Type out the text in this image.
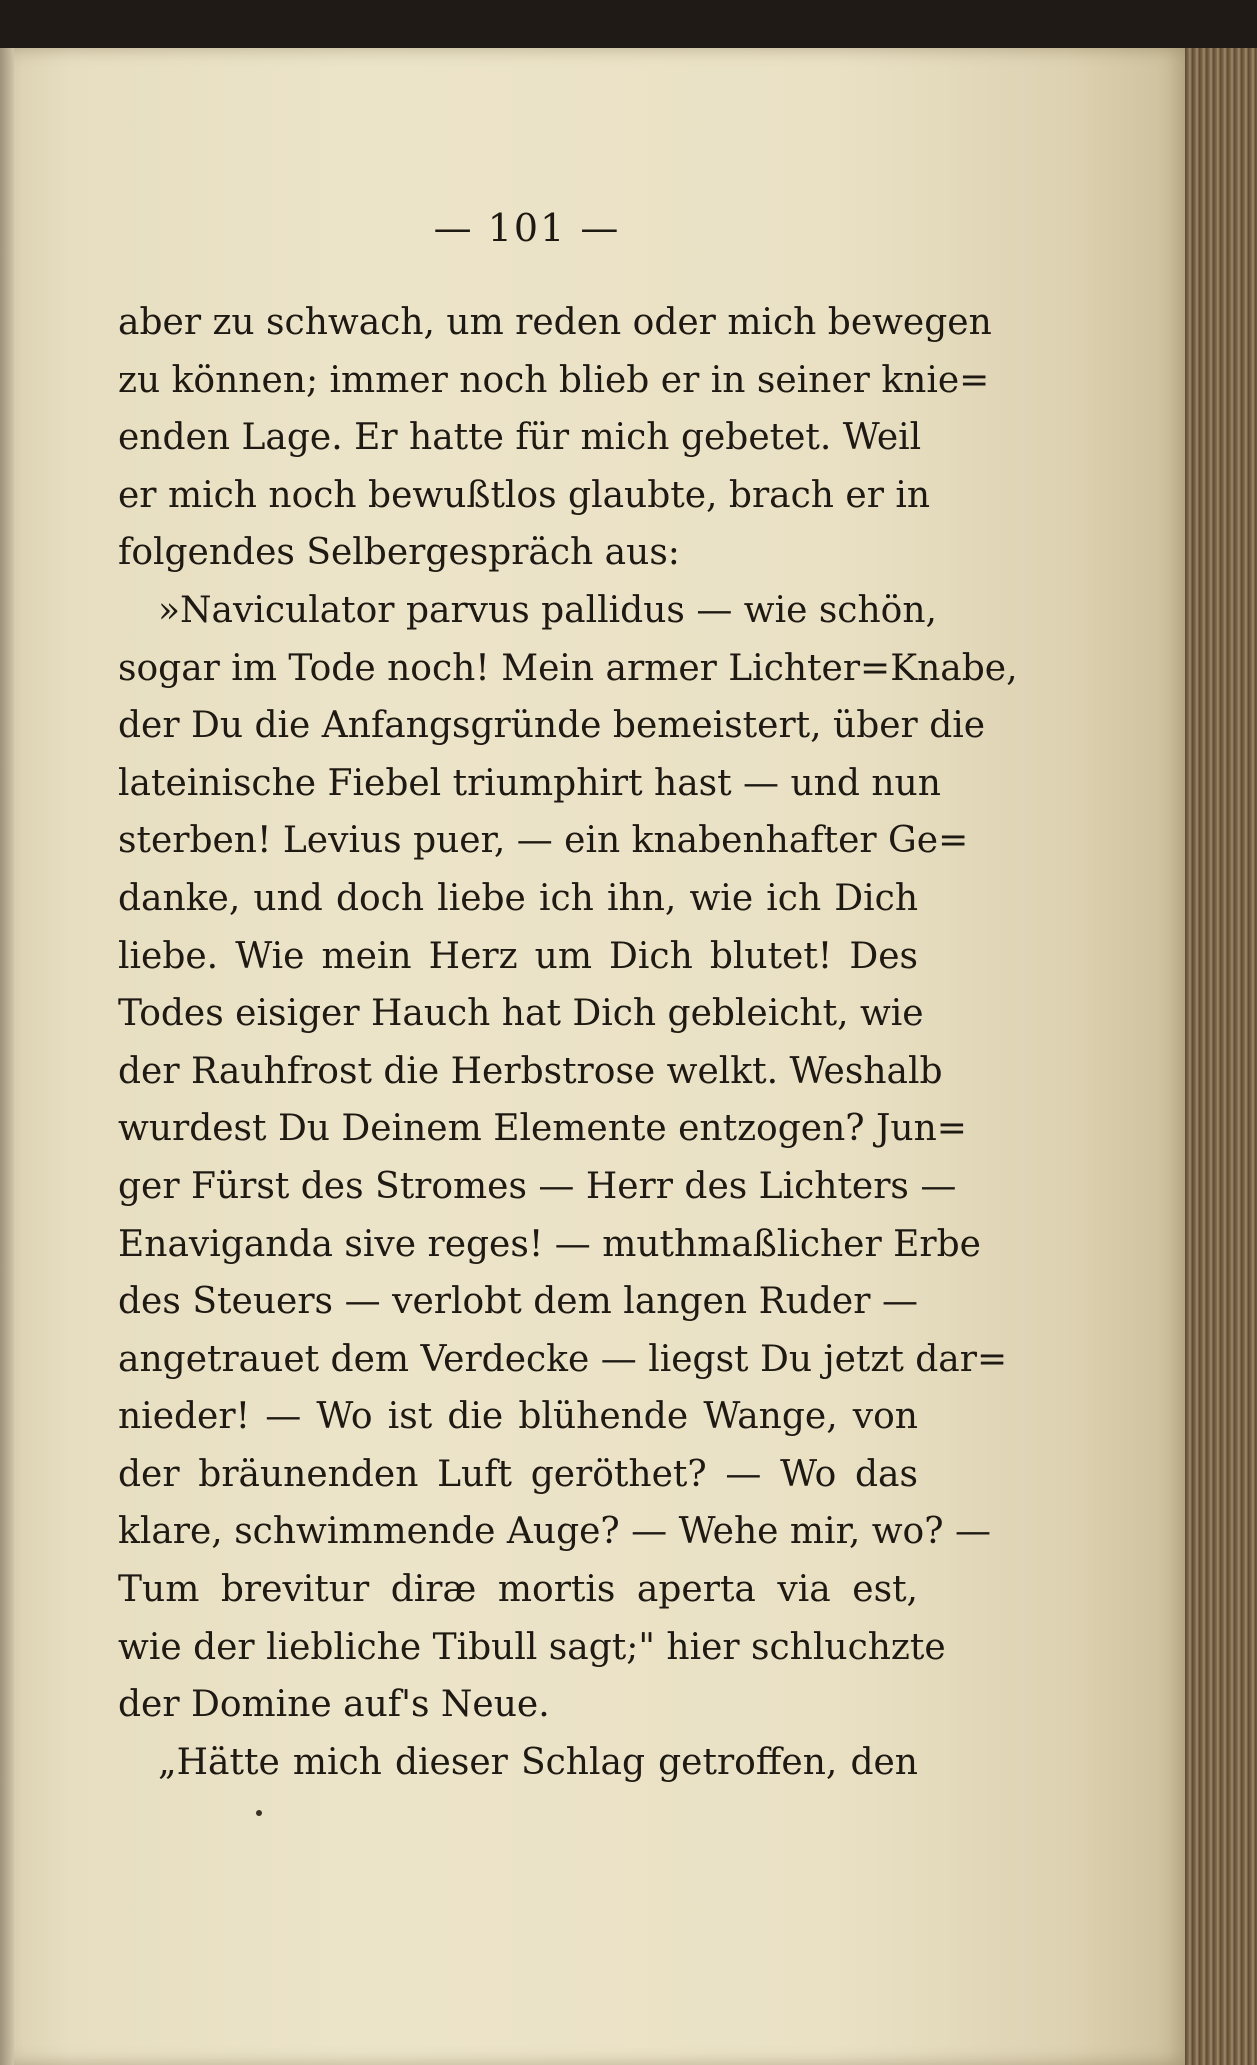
— 101 —
aber zu schwach, um reden oder mich bewegen
zu können; immer noch blieb er in seiner knie=
enden Lage. Er hatte für mich gebetet. Weil
er mich noch bewußtlos glaubte, brach er in
folgendes Selbergespräch aus:
»Naviculator parvus pallidus — wie schön,
sogar im Tode noch! Mein armer Lichter=Knabe,
der Du die Anfangsgründe bemeistert, über die
lateinische Fiebel triumphirt hast — und nun
sterben! Levius puer, — ein knabenhafter Ge=
danke, und doch liebe ich ihn, wie ich Dich
liebe. Wie mein Herz um Dich blutet! Des
Todes eisiger Hauch hat Dich gebleicht, wie
der Rauhfrost die Herbstrose welkt. Weshalb
wurdest Du Deinem Elemente entzogen? Jun=
ger Fürst des Stromes — Herr des Lichters —
Enaviganda sive reges! — muthmaßlicher Erbe
des Steuers — verlobt dem langen Ruder —
angetrauet dem Verdecke — liegst Du jetzt dar=
nieder! — Wo ist die blühende Wange, von
der bräunenden Luft geröthet? — Wo das
klare, schwimmende Auge? — Wehe mir, wo? —
Tum brevitur diræ mortis aperta via est,
wie der liebliche Tibull sagt;" hier schluchzte
der Domine auf's Neue.
„Hätte mich dieser Schlag getroffen, den
